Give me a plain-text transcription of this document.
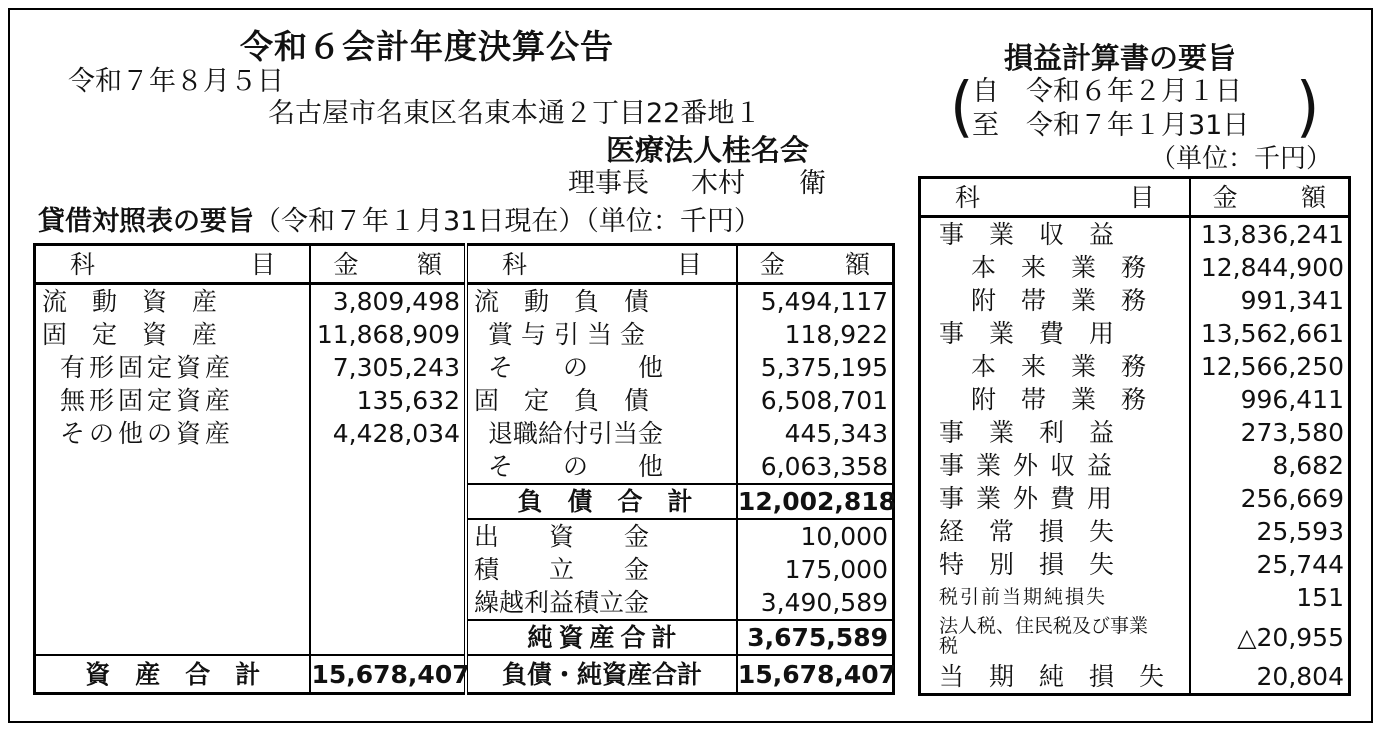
令和６会計年度決算公告
令和７年８月５日
名古屋市名東区名東本通２丁目22番地１
医療法人桂名会
理事長 木村　　衛
貸借対照表の要旨（令和７年１月31日現在）（単位：千円）
損益計算書の要旨
(
自　令和６年２月１日
至　令和７年１月31日 )
（単位：千円）
科 目	金 額	科 目	金 額

流　動　資　産	3,809,498	流　動　負　債	5,494,117
固　定　資　産	11,868,909	賞与引当金	118,922
有形固定資産	7,305,243	そ　　の　　他	5,375,195
無形固定資産	135,632	固　定　負　債	6,508,701
その他の資産	4,428,034	退職給付引当金	445,343
		そ　　の　　他	6,063,358
		負　債　合　計	12,002,818
		出　　資　　金	10,000
		積　　立　　金	175,000
		繰越利益積立金	3,490,589
		純資産合計	3,675,589
資　産　合　計	15,678,407	負債・純資産合計	15,678,407
科 目	金 額

事　業　収　益	13,836,241
本　来　業　務	12,844,900
附　帯　業　務	991,341
事　業　費　用	13,562,661
本　来　業　務	12,566,250
附　帯　業　務	996,411
事　業　利　益	273,580
事業外収益	8,682
事業外費用	256,669
経　常　損　失	25,593
特　別　損　失	25,744
税引前当期純損失	151
法人税、住民税及び事業税	△20,955
当　期　純　損　失	20,804
